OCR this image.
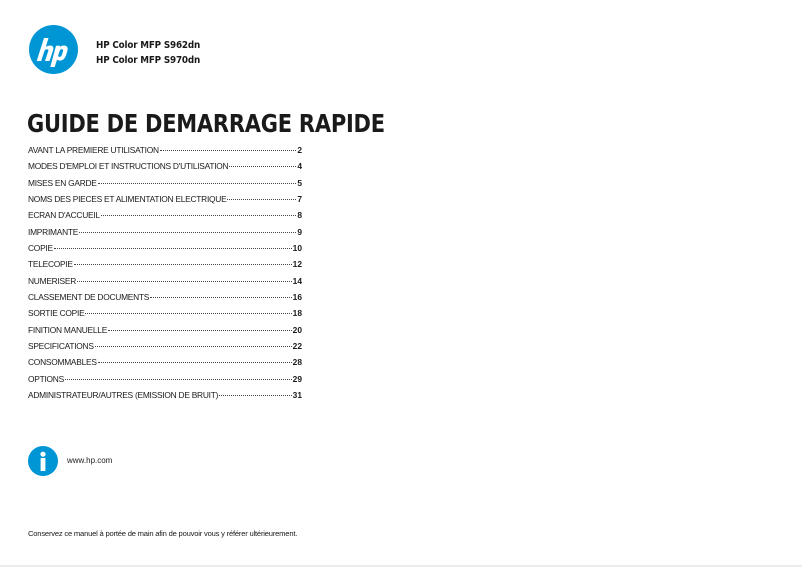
HP Color MFP S962dn
HP Color MFP S970dn
GUIDE DE DEMARRAGE RAPIDE
AVANT LA PREMIERE UTILISATION	2
MODES D'EMPLOI ET INSTRUCTIONS D'UTILISATION	4
MISES EN GARDE	5
NOMS DES PIECES ET ALIMENTATION ELECTRIQUE	7
ECRAN D'ACCUEIL	8
IMPRIMANTE	9
COPIE	10
TELECOPIE	12
NUMERISER	14
CLASSEMENT DE DOCUMENTS	16
SORTIE COPIE	18
FINITION MANUELLE	20
SPECIFICATIONS	22
CONSOMMABLES	28
OPTIONS	29
ADMINISTRATEUR/AUTRES (EMISSION DE BRUIT)	31
www.hp.com
Conservez ce manuel à portée de main afin de pouvoir vous y référer ultérieurement.
